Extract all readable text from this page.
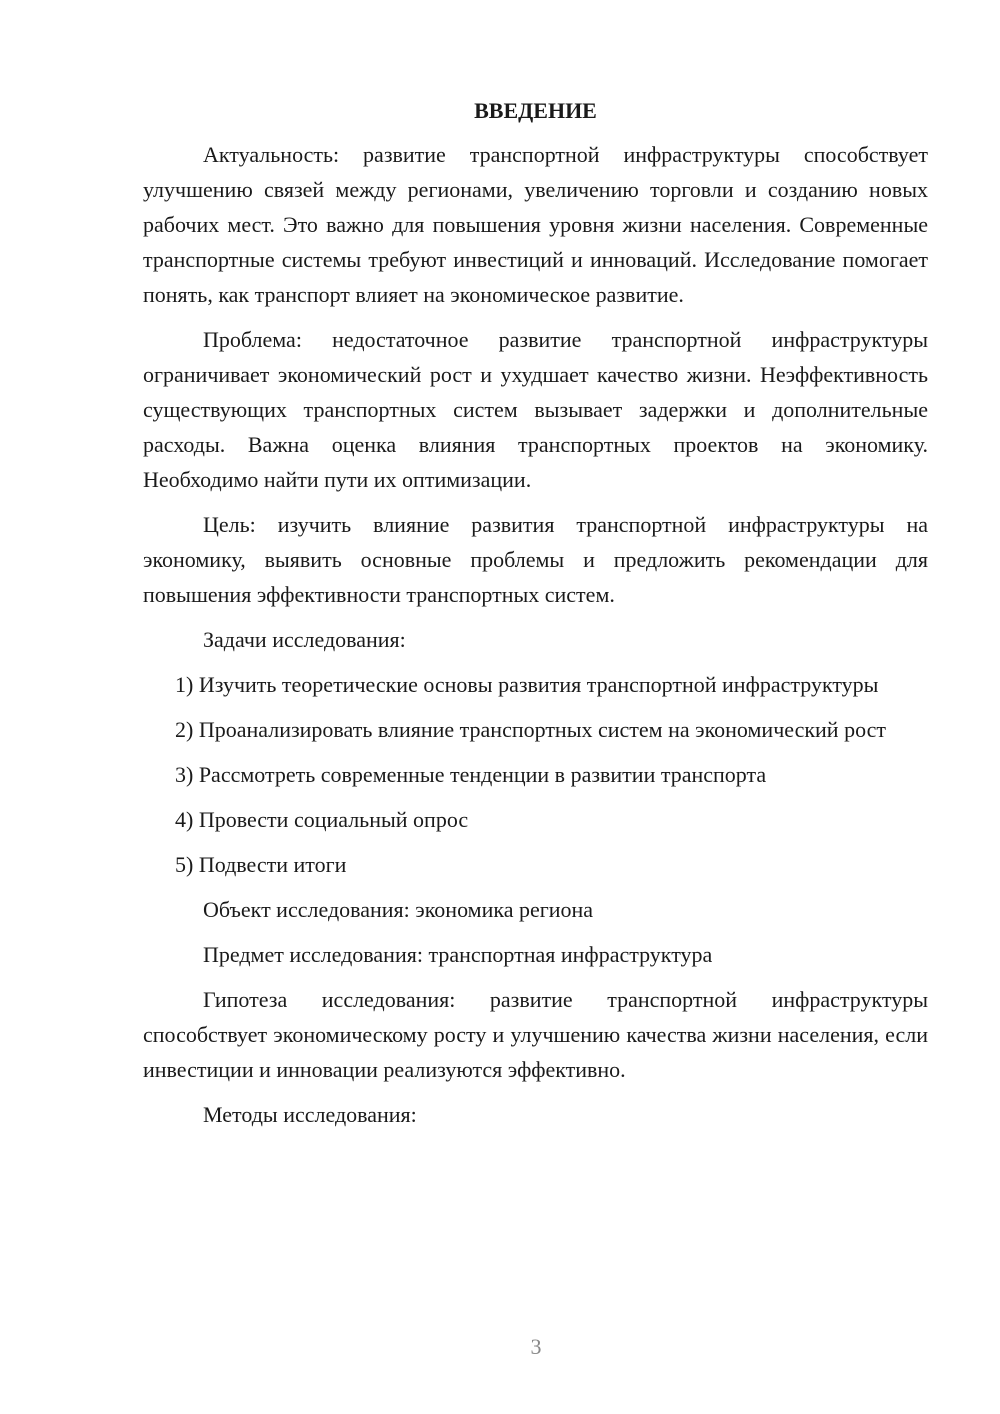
ВВЕДЕНИЕ

Актуальность: развитие транспортной инфраструктуры способствует улучшению связей между регионами, увеличению торговли и созданию новых рабочих мест. Это важно для повышения уровня жизни населения. Современные транспортные системы требуют инвестиций и инноваций. Исследование помогает понять, как транспорт влияет на экономическое развитие.

Проблема: недостаточное развитие транспортной инфраструктуры ограничивает экономический рост и ухудшает качество жизни. Неэффективность существующих транспортных систем вызывает задержки и дополнительные расходы. Важна оценка влияния транспортных проектов на экономику. Необходимо найти пути их оптимизации.

Цель: изучить влияние развития транспортной инфраструктуры на экономику, выявить основные проблемы и предложить рекомендации для повышения эффективности транспортных систем.

Задачи исследования:

1) Изучить теоретические основы развития транспортной инфраструктуры

2) Проанализировать влияние транспортных систем на экономический рост

3) Рассмотреть современные тенденции в развитии транспорта

4) Провести социальный опрос

5) Подвести итоги

Объект исследования: экономика региона

Предмет исследования: транспортная инфраструктура

Гипотеза исследования: развитие транспортной инфраструктуры способствует экономическому росту и улучшению качества жизни населения, если инвестиции и инновации реализуются эффективно.

Методы исследования:

3
